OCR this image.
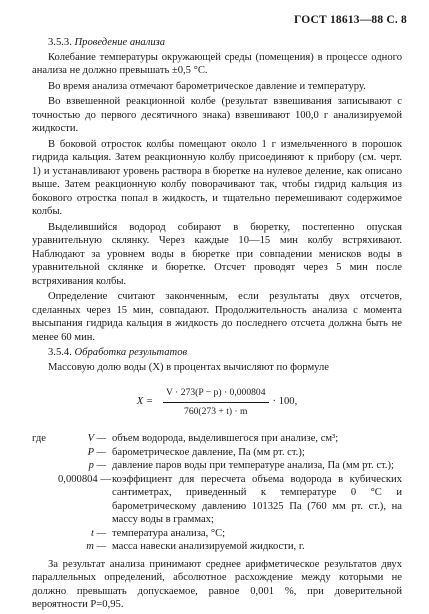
ГОСТ 18613—88 С. 8

3.5.3. Проведение анализа

Колебание температуры окружающей среды (помещения) в процессе одного анализа не должно превышать ±0,5 °С.

Во время анализа отмечают барометрическое давление и температуру.

Во взвешенной реакционной колбе (результат взвешивания записывают с точностью до первого десятичного знака) взвешивают 100,0 г анализируемой жидкости.

В боковой отросток колбы помещают около 1 г измельченного в порошок гидрида кальция. Затем реакционную колбу присоединяют к прибору (см. черт. 1) и устанавливают уровень раствора в бюретке на нулевое деление, как описано выше. Затем реакционную колбу поворачивают так, чтобы гидрид кальция из бокового отростка попал в жидкость, и тщательно перемешивают содержимое колбы.

Выделившийся водород собирают в бюретку, постепенно опуская уравнительную склянку. Через каждые 10—15 мин колбу встряхивают. Наблюдают за уровнем воды в бюретке при совпадении менисков воды в уравнительной склянке и бюретке. Отсчет проводят через 5 мин после встряхивания колбы.

Определение считают законченным, если результаты двух отсчетов, сделанных через 15 мин, совпадают. Продолжительность анализа с момента высыпания гидрида кальция в жидкость до последнего отсчета должна быть не менее 60 мин.

3.5.4. Обработка результатов

Массовую долю воды (X) в процентах вычисляют по формуле

$X = \frac{V \cdot 273(P - p) \cdot 0,000804}{760(273 + t) \cdot m} \cdot 100$,
где	V — объем водорода, выделившегося при анализе, см³;
P — барометрическое давление, Па (мм рт. ст.);
p — давление паров воды при температуре анализа, Па (мм рт. ст.);
0,000804 — коэффициент для пересчета объема водорода в кубических сантиметрах, приведенный к температуре 0 °С и барометрическому давлению 101325 Па (760 мм рт. ст.), на массу воды в граммах;
t — температура анализа, °С;
m — масса навески анализируемой жидкости, г.

За результат анализа принимают среднее арифметическое результатов двух параллельных определений, абсолютное расхождение между которыми не должно превышать допускаемое, равное 0,001 %, при доверительной вероятности P=0,95.
